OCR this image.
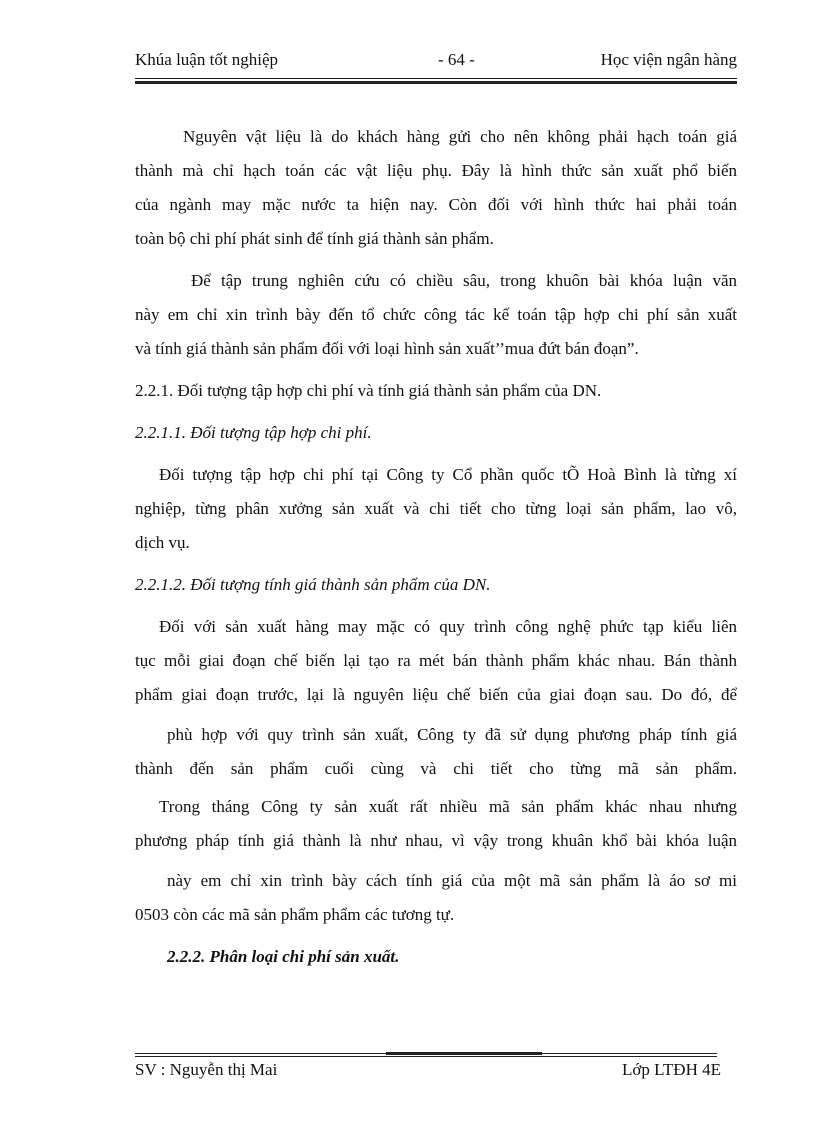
Khúa luận tốt nghiệp	- 64 -	Học viện ngân hàng
Nguyên vật liệu là do khách hàng gửi cho nên không phải hạch toán giá
thành mà chỉ hạch toán các vật liệu phụ. Đây là hình thức sản xuất phổ biến
của ngành may mặc nước ta hiện nay. Còn đối với hình thức hai phải toán
toàn bộ chi phí phát sinh để tính giá thành sản phẩm.
Để tập trung nghiên cứu có chiều sâu, trong khuôn bài khóa luận văn
này em chỉ xin trình bày đến tổ chức công tác kế toán tập hợp chi phí sản xuất
và tính giá thành sản phẩm đối với loại hình sản xuất’’mua đứt bán đoạn”.
2.2.1. Đối tượng tập hợp chi phí và tính giá thành sản phẩm của DN.
2.2.1.1. Đối tượng tập hợp chi phí.
Đối tượng tập hợp chi phí tại Công ty Cổ phần quốc tÕ Hoà Bình là từng xí
nghiệp, từng phân xưởng sản xuất và chi tiết cho từng loại sản phẩm, lao vô,
dịch vụ.
2.2.1.2. Đối tượng tính giá thành sản phẩm của DN.
Đối với sản xuất hàng may mặc có quy trình công nghệ phức tạp kiểu liên
tục mỗi giai đoạn chế biến lại tạo ra mét bán thành phẩm khác nhau. Bán thành
phẩm giai đoạn trước, lại là nguyên liệu chế biến của giai đoạn sau. Do đó, để
phù hợp với quy trình sản xuất, Công ty đã sử dụng phương pháp tính giá
thành đến sản phẩm cuối cùng và chi tiết cho từng mã sản phẩm.
Trong tháng Công ty sản xuất rất nhiều mã sản phẩm khác nhau nhưng
phương pháp tính giá thành là như nhau, vì vậy trong khuân khổ bài khóa luận
này em chỉ xin trình bày cách tính giá của một mã sản phẩm là áo sơ mi
0503 còn các mã sản phẩm phẩm các tương tự.
2.2.2. Phân loại chi phí sản xuất.
SV : Nguyễn thị Mai	Lớp LTĐH 4E
